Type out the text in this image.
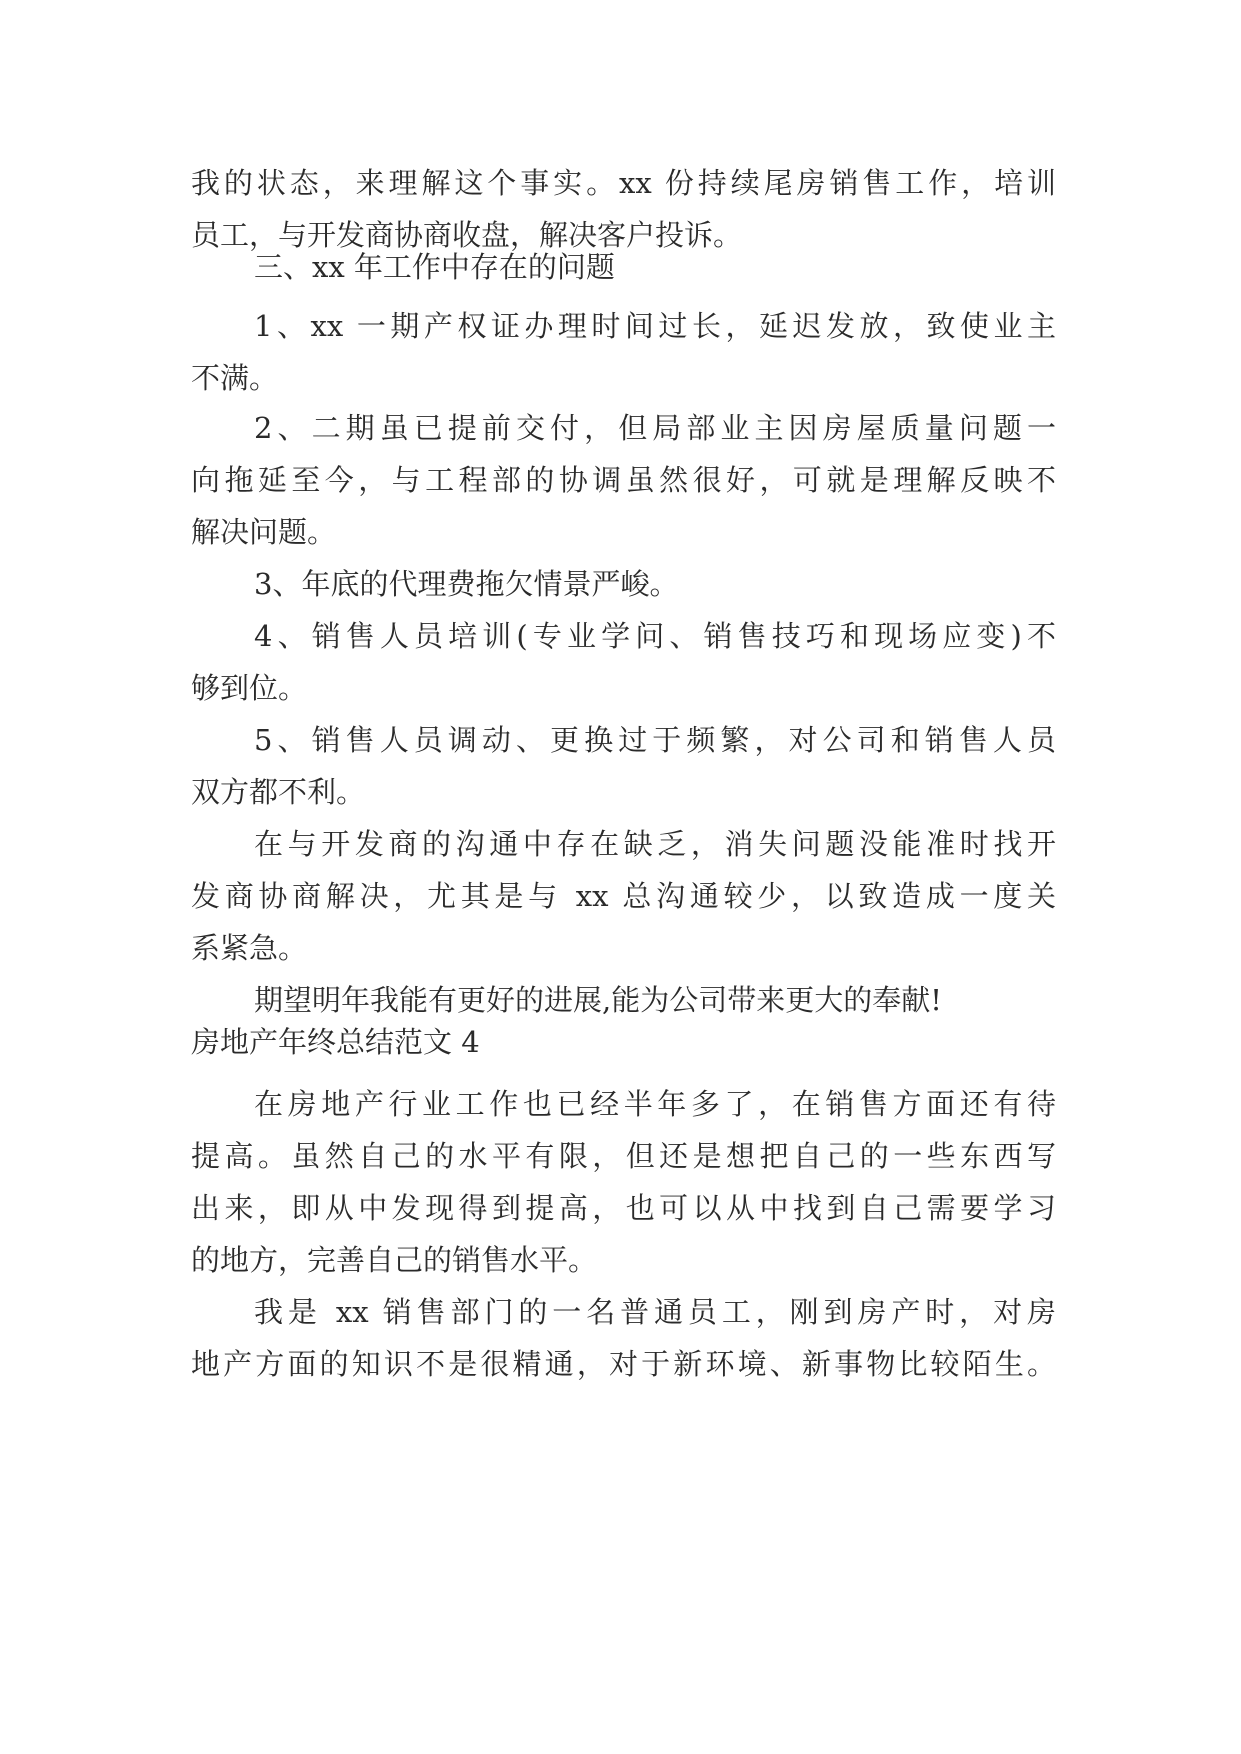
我的状态，来理解这个事实。xx 份持续尾房销售工作，培训
员工，与开发商协商收盘，解决客户投诉。
三、xx 年工作中存在的问题
1、xx 一期产权证办理时间过长，延迟发放，致使业主
不满。
2、二期虽已提前交付，但局部业主因房屋质量问题一
向拖延至今，与工程部的协调虽然很好，可就是理解反映不
解决问题。
3、年底的代理费拖欠情景严峻。
4、销售人员培训(专业学问、销售技巧和现场应变)不
够到位。
5、销售人员调动、更换过于频繁，对公司和销售人员
双方都不利。
在与开发商的沟通中存在缺乏，消失问题没能准时找开
发商协商解决，尤其是与 xx 总沟通较少，以致造成一度关
系紧急。
期望明年我能有更好的进展,能为公司带来更大的奉献!
房地产年终总结范文 4
在房地产行业工作也已经半年多了，在销售方面还有待
提高。虽然自己的水平有限，但还是想把自己的一些东西写
出来，即从中发现得到提高，也可以从中找到自己需要学习
的地方，完善自己的销售水平。
我是 xx 销售部门的一名普通员工，刚到房产时，对房
地产方面的知识不是很精通，对于新环境、新事物比较陌生。
